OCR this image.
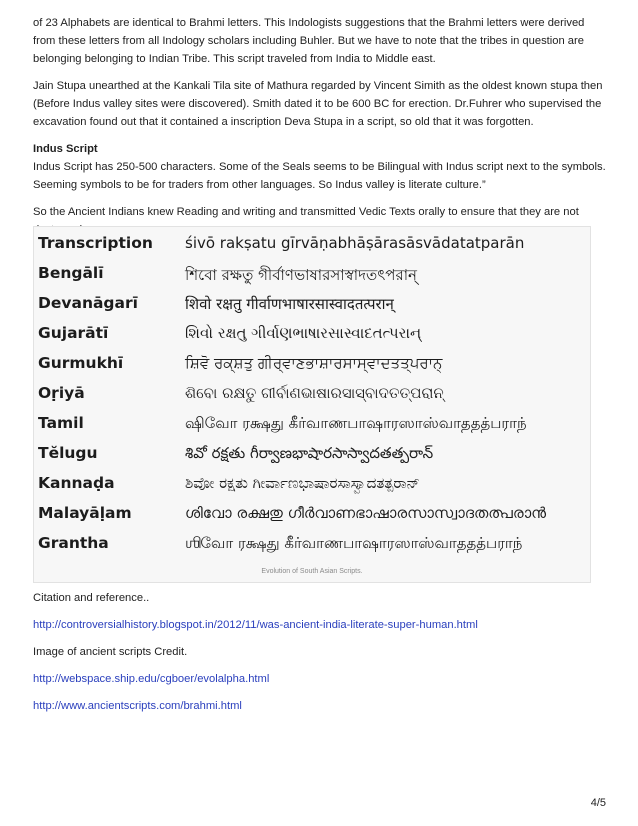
of 23 Alphabets are identical to Brahmi letters. This Indologists suggestions that the Brahmi letters were derived
from these letters from all Indology scholars including Buhler. But we have to note that the tribes in question are
belonging belonging to Indian Tribe. This script traveled from India to Middle east.

Jain Stupa unearthed at the Kankali Tila site of Mathura regarded by Vincent Simith as the oldest known stupa then
(Before Indus valley sites were discovered). Smith dated it to be 600 BC for erection. Dr.Fuhrer who supervised the
excavation found out that it contained a inscription Deva Stupa in a script, so old that it was forgotten.

Indus Script

Indus Script has 250-500 characters. Some of the Seals seems to be Bilingual with Indus script next to the symbols.
Seeming symbols to be for traders from other languages. So Indus valley is literate culture.”

So the Ancient Indians knew Reading and writing and transmitted Vedic Texts orally to ensure that they are not

Transcription śivō rakṣatu gīrvāṇabhāṣārasāsvādatatparān
Bengālī	শিবো রক্ষতু গীর্বাণভাষারসাস্বাদতৎপরান্
Devanāgarī	शिवो रक्षतु गीर्वाणभाषारसास्वादतत्परान्
Gujarātī	શિવો રક્ષતુ ગીર્વાણભાષારસાસ્વાદતત્પરાન્
Gurmukhī	ਸ਼ਿਵੋ ਰਕ੍ਸ਼ਤੁ ਗੀਰ੍ਵਾਣਭਾਸ਼ਾਰਸਾਸ੍ਵਾਦਤਤ੍ਪਰਾਨ੍
Oṛiyā	ଶିବୋ ରକ୍ଷତୁ ଗୀର୍ବାଣଭାଷାରସାସ୍ବାଦତତ୍ପରାନ୍
Tamil	ஷிவோ ரக்ஷது கீர்வாணபாஷாரஸாஸ்வாததத்பராந்
Tĕlugu	శివో రక్షతు గీర్వాణభాషారసాస్వాదతత్పరాన్
Kannaḍa	ಶಿವೋ ರಕ್ಷತು ಗೀರ್ವಾಣಭಾಷಾರಸಾಸ್ವಾದತತ್ಪರಾನ್
Malayāḷam	ശിവോ രക്ഷതു ഗീർവാണഭാഷാരസാസ്വാദതത്പരാൻ
Grantha	ஶிவோ ரக்ஷது கீர்வாணபாஷாரஸாஸ்வாததத்பராந்
Evolution of South Asian Scripts.

Citation and reference..

http://controversialhistory.blogspot.in/2012/11/was-ancient-india-literate-super-human.html

Image of ancient scripts Credit.

http://webspace.ship.edu/cgboer/evolalpha.html

http://www.ancientscripts.com/brahmi.html

4/5
